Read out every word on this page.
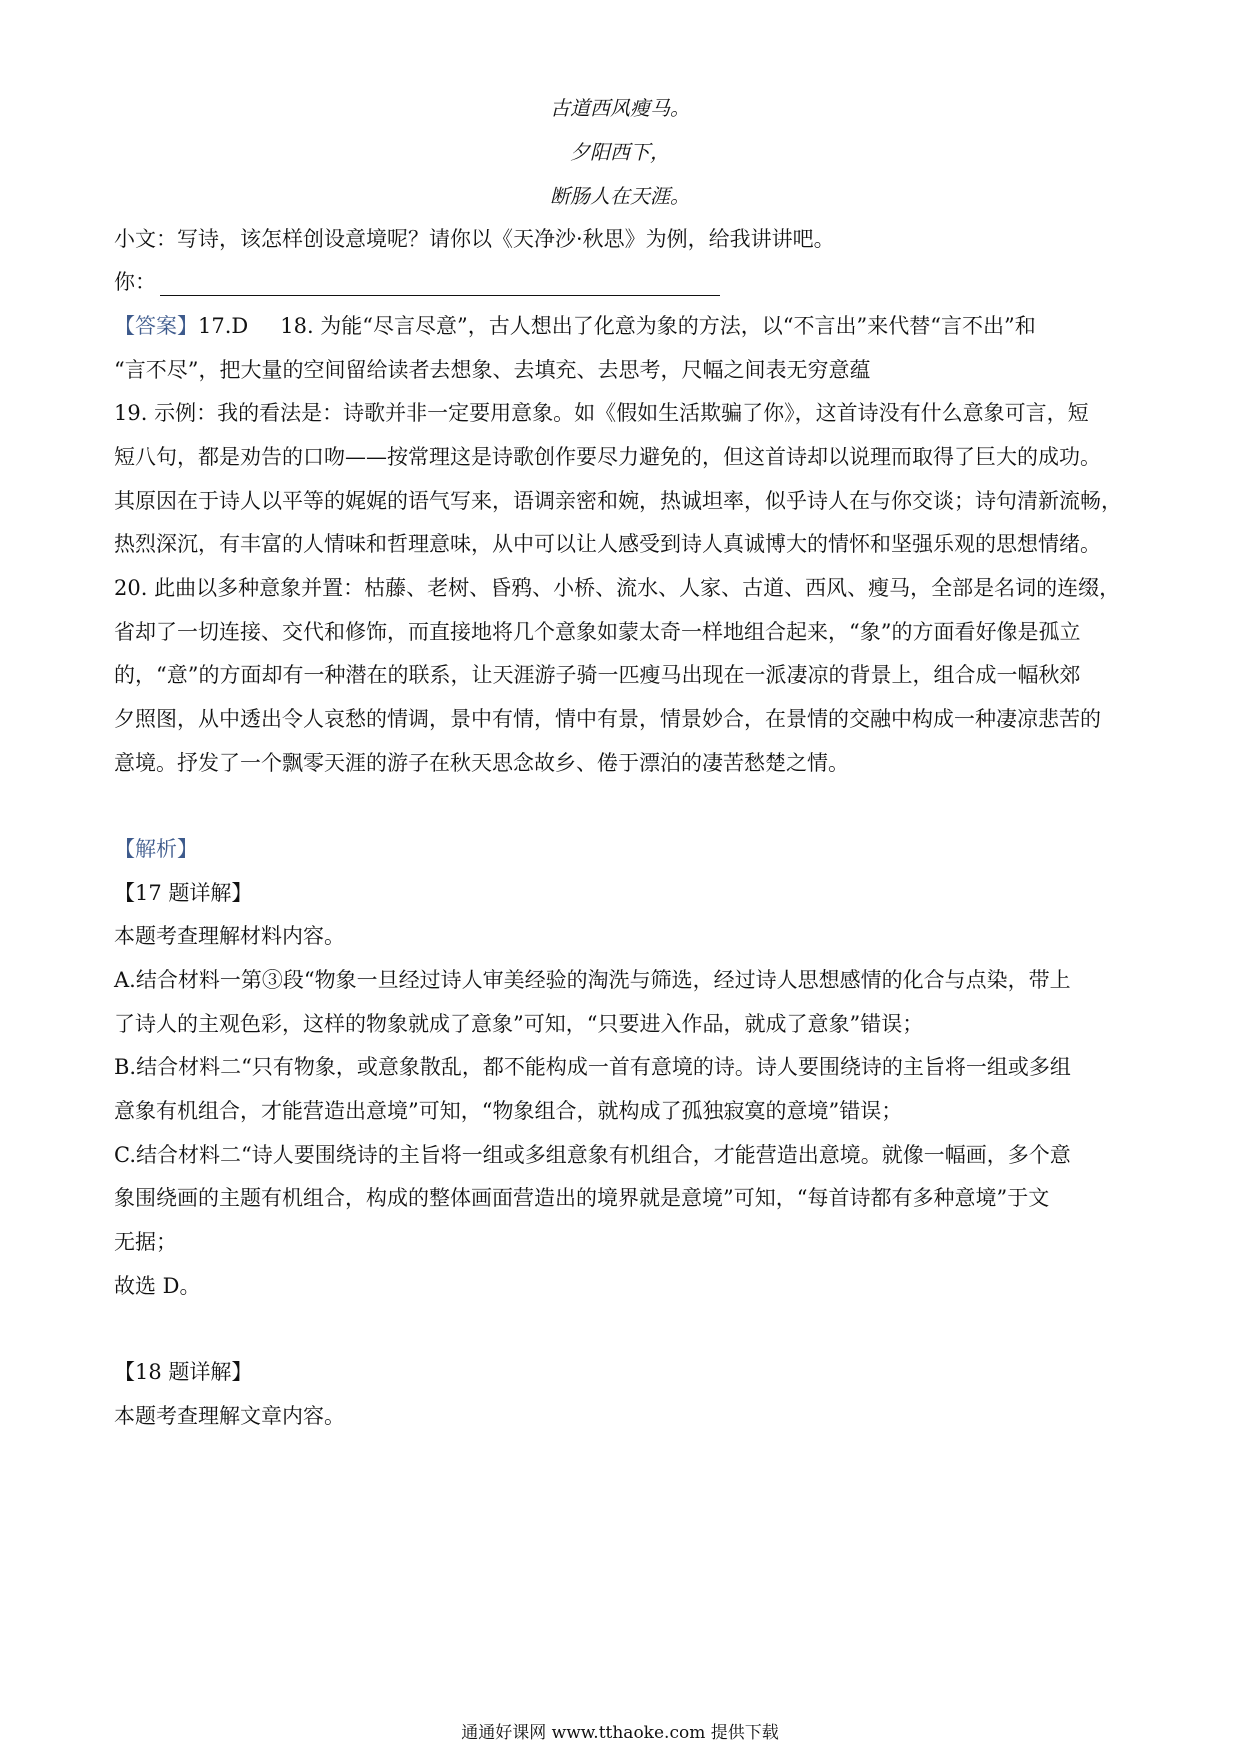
古道西风瘦马。
夕阳西下，
断肠人在天涯。
小文：写诗，该怎样创设意境呢？请你以《天净沙·秋思》为例，给我讲讲吧。
你：
【答案】17.D 18. 为能“尽言尽意”，古人想出了化意为象的方法，以“不言出”来代替“言不出”和
“言不尽”，把大量的空间留给读者去想象、去填充、去思考，尺幅之间表无穷意蕴
19. 示例：我的看法是：诗歌并非一定要用意象。如《假如生活欺骗了你》，这首诗没有什么意象可言，短
短八句，都是劝告的口吻——按常理这是诗歌创作要尽力避免的，但这首诗却以说理而取得了巨大的成功。
其原因在于诗人以平等的娓娓的语气写来，语调亲密和婉，热诚坦率，似乎诗人在与你交谈；诗句清新流畅，
热烈深沉，有丰富的人情味和哲理意味，从中可以让人感受到诗人真诚博大的情怀和坚强乐观的思想情绪。
20. 此曲以多种意象并置：枯藤、老树、昏鸦、小桥、流水、人家、古道、西风、瘦马，全部是名词的连缀，
省却了一切连接、交代和修饰，而直接地将几个意象如蒙太奇一样地组合起来，“象”的方面看好像是孤立
的，“意”的方面却有一种潜在的联系，让天涯游子骑一匹瘦马出现在一派凄凉的背景上，组合成一幅秋郊
夕照图，从中透出令人哀愁的情调，景中有情，情中有景，情景妙合，在景情的交融中构成一种凄凉悲苦的
意境。抒发了一个飘零天涯的游子在秋天思念故乡、倦于漂泊的凄苦愁楚之情。
【解析】
【17 题详解】
本题考查理解材料内容。
A.结合材料一第③段“物象一旦经过诗人审美经验的淘洗与筛选，经过诗人思想感情的化合与点染，带上
了诗人的主观色彩，这样的物象就成了意象”可知，“只要进入作品，就成了意象”错误；
B.结合材料二“只有物象，或意象散乱，都不能构成一首有意境的诗。诗人要围绕诗的主旨将一组或多组
意象有机组合，才能营造出意境”可知，“物象组合，就构成了孤独寂寞的意境”错误；
C.结合材料二“诗人要围绕诗的主旨将一组或多组意象有机组合，才能营造出意境。就像一幅画，多个意
象围绕画的主题有机组合，构成的整体画面营造出的境界就是意境”可知，“每首诗都有多种意境”于文
无据；
故选 D。
【18 题详解】
本题考查理解文章内容。
通通好课网 www.tthaoke.com 提供下载
